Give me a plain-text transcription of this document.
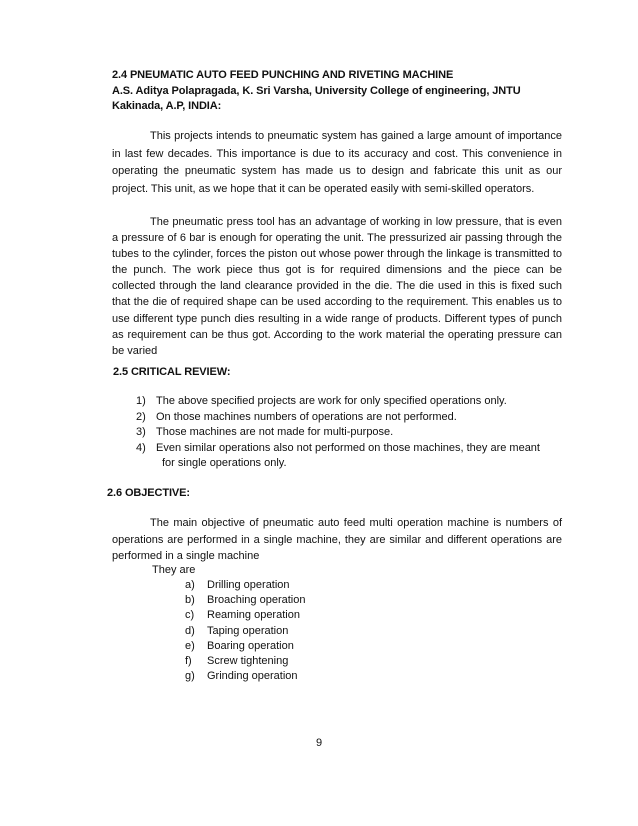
2.4 PNEUMATIC AUTO FEED PUNCHING AND RIVETING MACHINE
A.S. Aditya Polapragada, K. Sri Varsha, University College of engineering, JNTU
Kakinada, A.P, INDIA:

This projects intends to pneumatic system has gained a large amount of importance in last few decades. This importance is due to its accuracy and cost. This convenience in operating the pneumatic system has made us to design and fabricate this unit as our project. This unit, as we hope that it can be operated easily with semi-skilled operators.

The pneumatic press tool has an advantage of working in low pressure, that is even a pressure of 6 bar is enough for operating the unit. The pressurized air passing through the tubes to the cylinder, forces the piston out whose power through the linkage is transmitted to the punch. The work piece thus got is for required dimensions and the piece can be collected through the land clearance provided in the die. The die used in this is fixed such that the die of required shape can be used according to the requirement. This enables us to use different type punch dies resulting in a wide range of products. Different types of punch as requirement can be thus got. According to the work material the operating pressure can be varied

2.5 CRITICAL REVIEW:
1) The above specified projects are work for only specified operations only.
2) On those machines numbers of operations are not performed.
3) Those machines are not made for multi-purpose.
4) Even similar operations also not performed on those machines, they are meant
for single operations only.
2.6 OBJECTIVE:

The main objective of pneumatic auto feed multi operation machine is numbers of operations are performed in a single machine, they are similar and different operations are performed in a single machine

They are
a)	Drilling operation
b)	Broaching operation
c)	Reaming operation
d)	Taping operation
e)	Boaring operation
f)	Screw tightening
g)	Grinding operation
9
